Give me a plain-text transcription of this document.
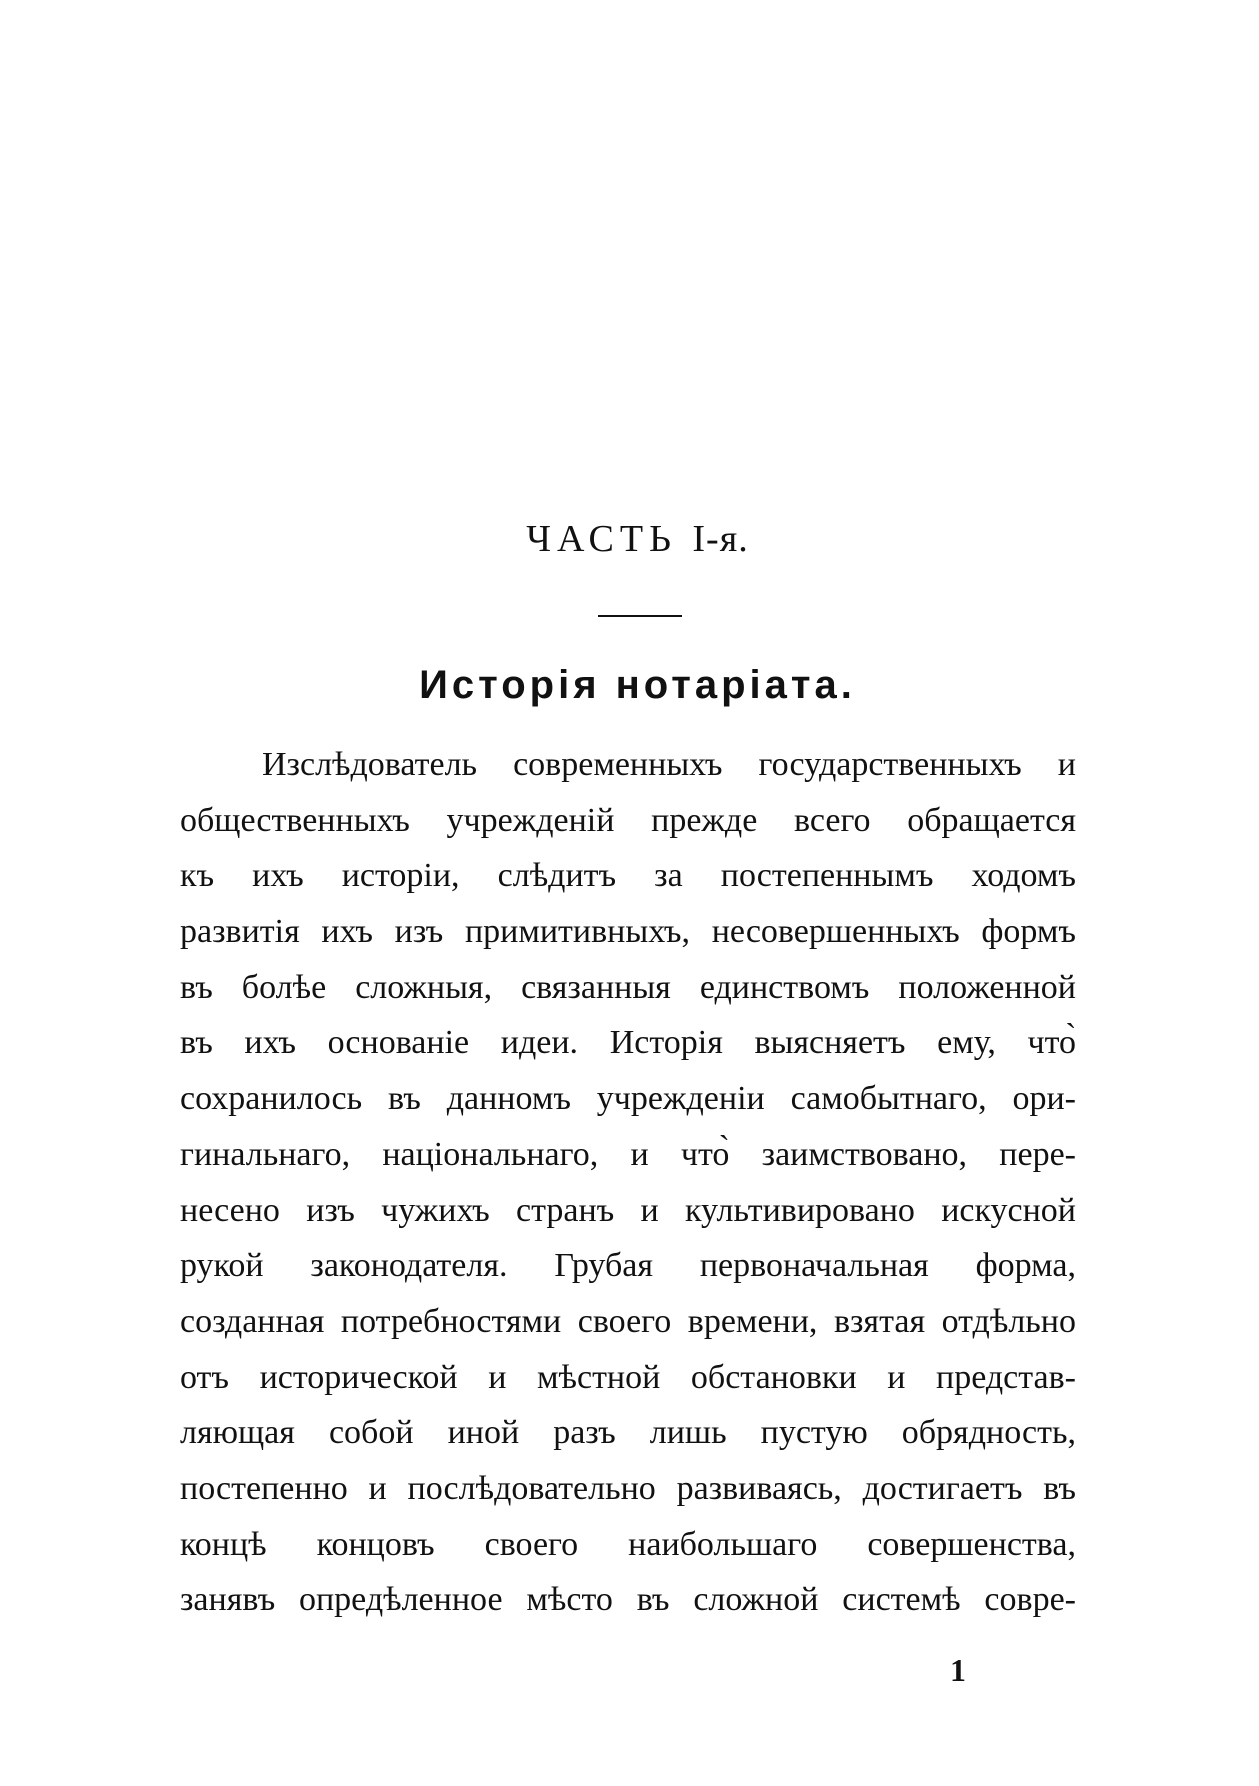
ЧАСТЬ I-я.
Исторія нотаріата.
Изслѣдователь современныхъ государственныхъ и
общественныхъ учрежденій прежде всего обращается
къ ихъ исторіи, слѣдитъ за постепеннымъ ходомъ
развитія ихъ изъ примитивныхъ, несовершенныхъ формъ
въ болѣе сложныя, связанныя единствомъ положенной
въ ихъ основаніе идеи. Исторія выясняетъ ему, что̀
сохранилось въ данномъ учрежденіи самобытнаго, ори-
гинальнаго, національнаго, и что̀ заимствовано, пере-
несено изъ чужихъ странъ и культивировано искусной
рукой законодателя. Грубая первоначальная форма,
созданная потребностями своего времени, взятая отдѣльно
отъ исторической и мѣстной обстановки и представ-
ляющая собой иной разъ лишь пустую обрядность,
постепенно и послѣдовательно развиваясь, достигаетъ въ
концѣ концовъ своего наибольшаго совершенства,
занявъ опредѣленное мѣсто въ сложной системѣ совре-
1
